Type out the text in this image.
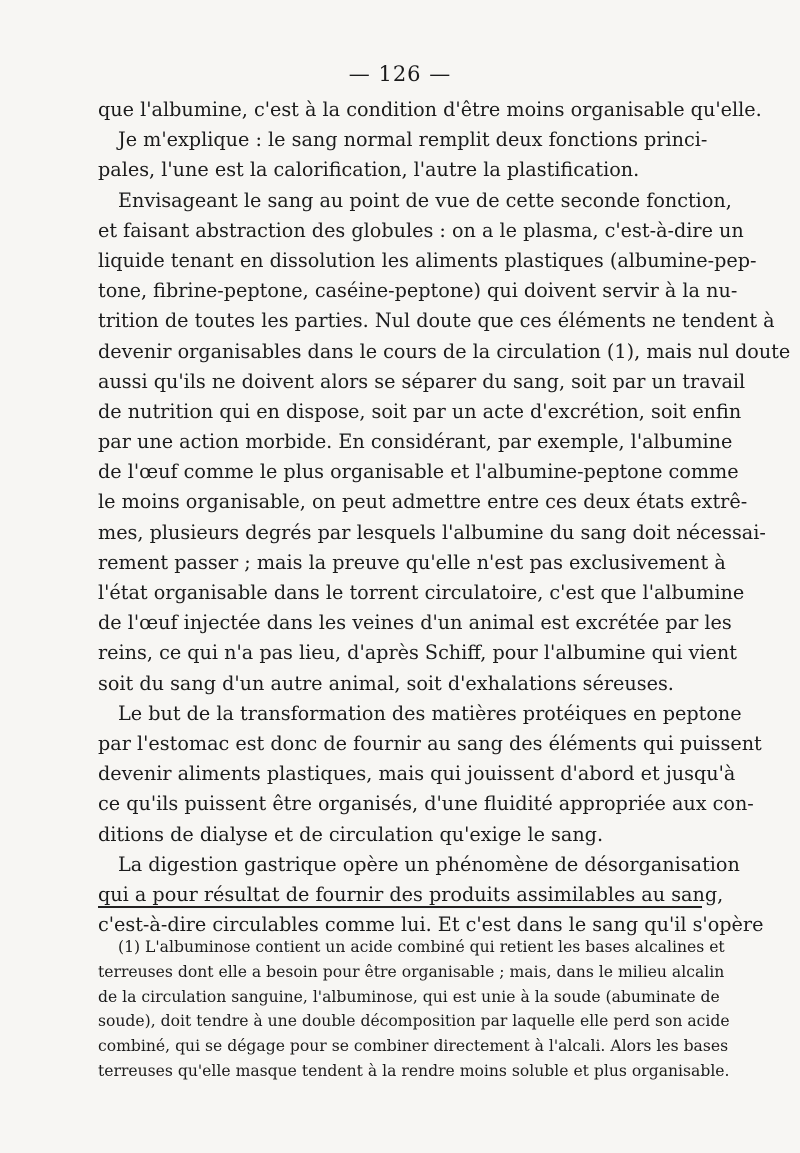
— 126 —
que l'albumine, c'est à la condition d'être moins organisable qu'elle.
Je m'explique : le sang normal remplit deux fonctions princi-
pales, l'une est la calorification, l'autre la plastification.
Envisageant le sang au point de vue de cette seconde fonction,
et faisant abstraction des globules : on a le plasma, c'est-à-dire un
liquide tenant en dissolution les aliments plastiques (albumine-pep-
tone, fibrine-peptone, caséine-peptone) qui doivent servir à la nu-
trition de toutes les parties. Nul doute que ces éléments ne tendent à
devenir organisables dans le cours de la circulation (1), mais nul doute
aussi qu'ils ne doivent alors se séparer du sang, soit par un travail
de nutrition qui en dispose, soit par un acte d'excrétion, soit enfin
par une action morbide. En considérant, par exemple, l'albumine
de l'œuf comme le plus organisable et l'albumine-peptone comme
le moins organisable, on peut admettre entre ces deux états extrê-
mes, plusieurs degrés par lesquels l'albumine du sang doit nécessai-
rement passer ; mais la preuve qu'elle n'est pas exclusivement à
l'état organisable dans le torrent circulatoire, c'est que l'albumine
de l'œuf injectée dans les veines d'un animal est excrétée par les
reins, ce qui n'a pas lieu, d'après Schiff, pour l'albumine qui vient
soit du sang d'un autre animal, soit d'exhalations séreuses.
Le but de la transformation des matières protéiques en peptone
par l'estomac est donc de fournir au sang des éléments qui puissent
devenir aliments plastiques, mais qui jouissent d'abord et jusqu'à
ce qu'ils puissent être organisés, d'une fluidité appropriée aux con-
ditions de dialyse et de circulation qu'exige le sang.
La digestion gastrique opère un phénomène de désorganisation
qui a pour résultat de fournir des produits assimilables au sang,
c'est-à-dire circulables comme lui. Et c'est dans le sang qu'il s'opère
(1) L'albuminose contient un acide combiné qui retient les bases alcalines et
terreuses dont elle a besoin pour être organisable ; mais, dans le milieu alcalin
de la circulation sanguine, l'albuminose, qui est unie à la soude (abuminate de
soude), doit tendre à une double décomposition par laquelle elle perd son acide
combiné, qui se dégage pour se combiner directement à l'alcali. Alors les bases
terreuses qu'elle masque tendent à la rendre moins soluble et plus organisable.
